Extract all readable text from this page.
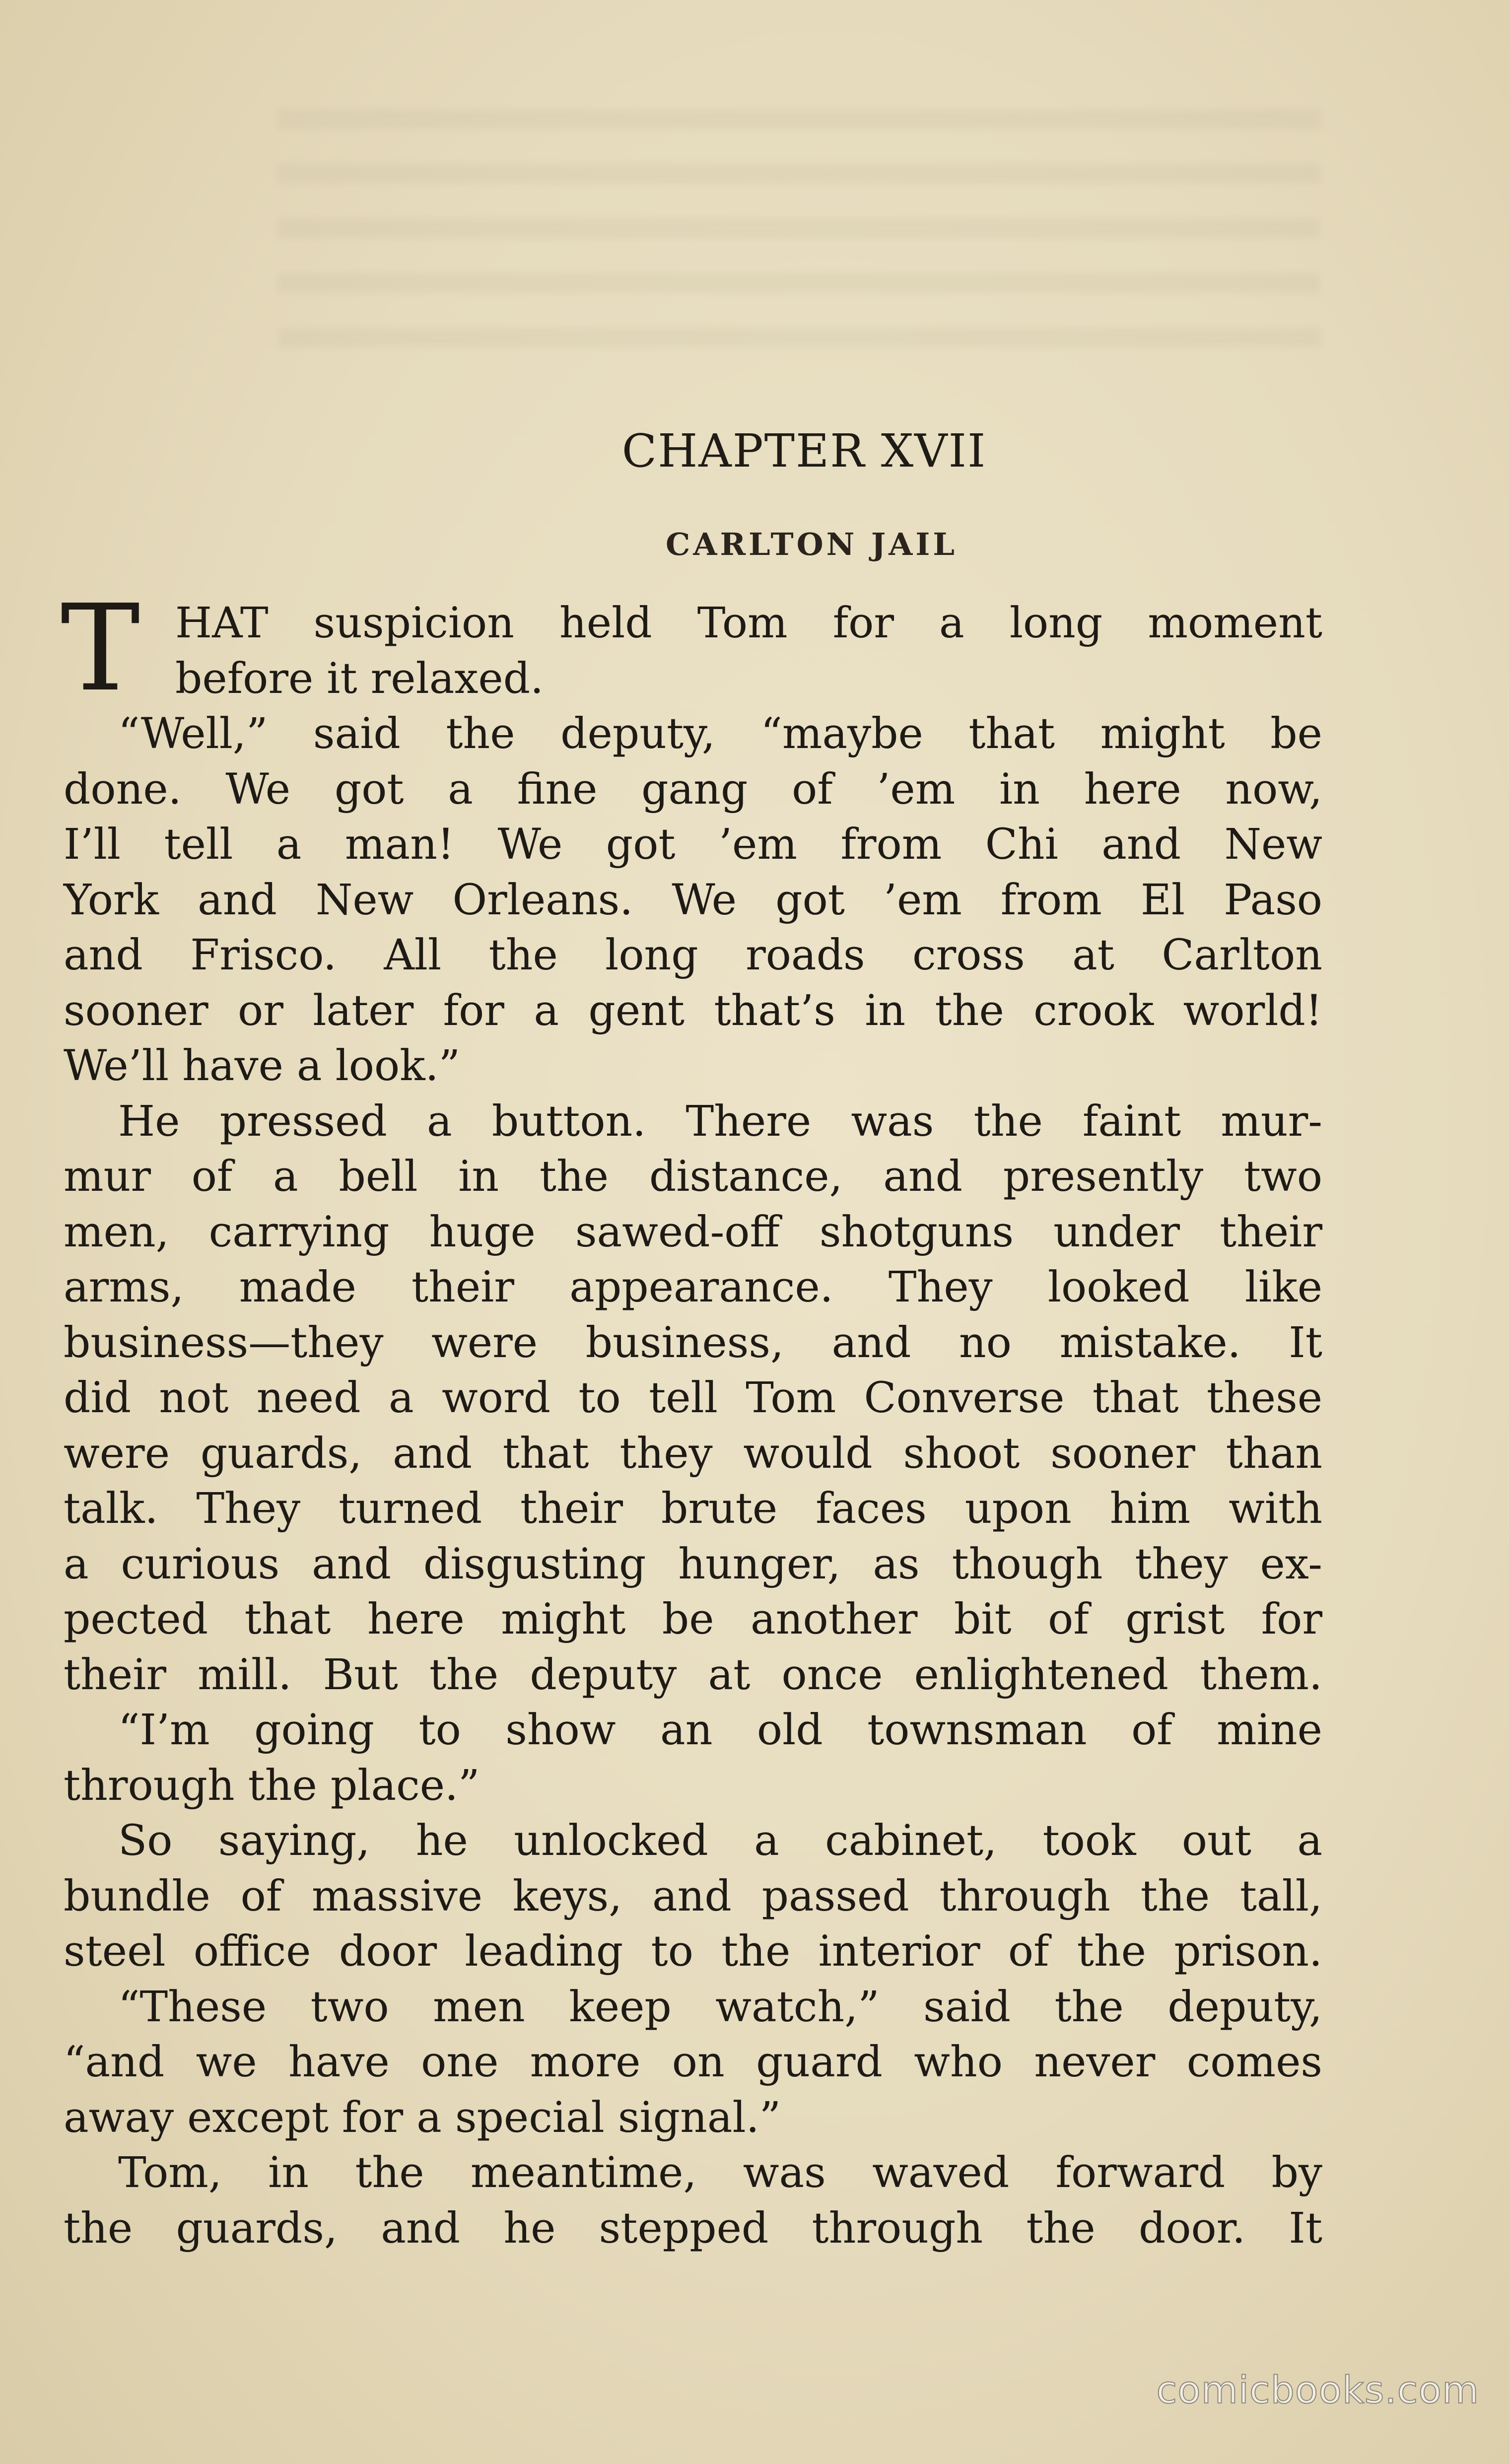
CHAPTER XVII
CARLTON JAIL
T HAT suspicion held Tom for a long moment
before it relaxed.
“Well,” said the deputy, “maybe that might be
done. We got a fine gang of ’em in here now,
I’ll tell a man! We got ’em from Chi and New
York and New Orleans. We got ’em from El Paso
and Frisco. All the long roads cross at Carlton
sooner or later for a gent that’s in the crook world!
We’ll have a look.”
He pressed a button. There was the faint mur-
mur of a bell in the distance, and presently two
men, carrying huge sawed-off shotguns under their
arms, made their appearance. They looked like
business—they were business, and no mistake. It
did not need a word to tell Tom Converse that these
were guards, and that they would shoot sooner than
talk. They turned their brute faces upon him with
a curious and disgusting hunger, as though they ex-
pected that here might be another bit of grist for
their mill. But the deputy at once enlightened them.
“I’m going to show an old townsman of mine
through the place.”
So saying, he unlocked a cabinet, took out a
bundle of massive keys, and passed through the tall,
steel office door leading to the interior of the prison.
“These two men keep watch,” said the deputy,
“and we have one more on guard who never comes
away except for a special signal.”
Tom, in the meantime, was waved forward by
the guards, and he stepped through the door. It
comicbooks.com
